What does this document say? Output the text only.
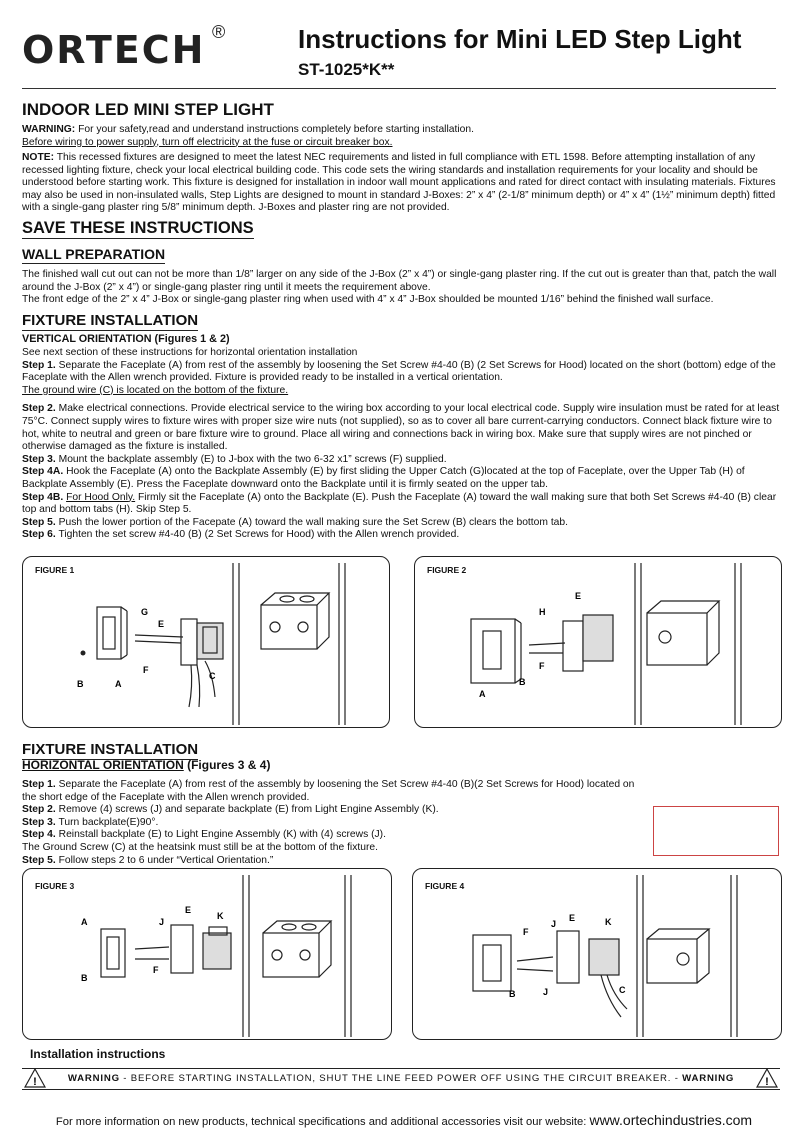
ORTECH ®	Instructions for Mini LED Step Light
ST-1025*K**
INDOOR LED MINI STEP LIGHT
WARNING: For your safety,read and understand instructions completely before starting installation.
Before wiring to power supply, turn off electricity at the fuse or circuit breaker box.
NOTE: This recessed fixtures are designed to meet the latest NEC requirements and listed in full compliance with ETL 1598. Before attempting installation of any recessed lighting fixture, check your local electrical building code. This code sets the wiring standards and installation requirements for your locality and should be understood before starting work. This fixture is designed for installation in indoor wall mount applications and rated for direct contact with insulating materials. Fixtures may also be used in non-insulated walls, Step Lights are designed to mount in standard J-Boxes: 2” x 4” (2-1/8” minimum depth) or 4” x 4” (1½” minimum depth) fitted with a single-gang plaster ring 5/8” minimum depth. J-Boxes and plaster ring are not provided.
SAVE THESE INSTRUCTIONS
WALL PREPARATION
The finished wall cut out can not be more than 1/8” larger on any side of the J-Box (2” x 4”) or single-gang plaster ring. If the cut out is greater than that, patch the wall around the J-Box (2” x 4”) or single-gang plaster ring until it meets the requirement above.
The front edge of the 2” x 4” J-Box or single-gang plaster ring when used with 4” x 4” J-Box shoulded be mounted 1/16” behind the finished wall surface.
FIXTURE INSTALLATION
VERTICAL ORIENTATION (Figures 1 & 2)
See next section of these instructions for horizontal orientation installation
Step 1. Separate the Faceplate (A) from rest of the assembly by loosening the Set Screw #4-40 (B) (2 Set Screws for Hood) located on the short (bottom) edge of the Faceplate with the Allen wrench provided. Fixture is provided ready to be installed in a vertical orientation.
The ground wire (C) is located on the bottom of the fixture.
Step 2. Make electrical connections. Provide electrical service to the wiring box according to your local electrical code. Supply wire insulation must be rated for at least 75°C. Connect supply wires to fixture wires with proper size wire nuts (not supplied), so as to cover all bare current-carrying conductors. Connect black fixture wire to hot, white to neutral and green or bare fixture wire to ground. Place all wiring and connections back in wiring box. Make sure that supply wires are not pinched or otherwise damaged as the fixture is installed.
Step 3. Mount the backplate assembly (E) to J-box with the two 6-32 x1” screws (F) supplied.
Step 4A. Hook the Faceplate (A) onto the Backplate Assembly (E) by first sliding the Upper Catch (G)located at the top of Faceplate, over the Upper Tab (H) of Backplate Assembly (E). Press the Faceplate downward onto the Backplate until it is firmly seated on the upper tab.
Step 4B. For Hood Only. Firmly sit the Faceplate (A) onto the Backplate (E). Push the Faceplate (A) toward the wall making sure that both Set Screws #4-40 (B) clear top and bottom tabs (H). Skip Step 5.
Step 5. Push the lower portion of the Facepate (A) toward the wall making sure the Set Screw (B) clears the bottom tab.
Step 6. Tighten the set screw #4-40 (B) (2 Set Screws for Hood) with the Allen wrench provided.
FIGURE 1
G
E
F
C
B	A
FIGURE 2
E
H
F
B
A
FIXTURE INSTALLATION
HORIZONTAL ORIENTATION (Figures 3 & 4)
Step 1. Separate the Faceplate (A) from rest of the assembly by loosening the Set Screw #4-40 (B)(2 Set Screws for Hood) located on the short edge of the Faceplate with the Allen wrench provided.
Step 2. Remove (4) screws (J) and separate backplate (E) from Light Engine Assembly (K).
Step 3. Turn backplate(E)90°.
Step 4. Reinstall backplate (E) to Light Engine Assembly (K) with (4) screws (J).
The Ground Screw (C) at the heatsink must still be at the bottom of the fixture.
Step 5. Follow steps 2 to 6 under “Vertical Orientation.”
FIGURE 3
A	J
E
K
F
B
FIGURE 4
F
J
E	K
J
B	C
Installation instructions
WARNING - BEFORE STARTING INSTALLATION, SHUT THE LINE FEED POWER OFF USING THE CIRCUIT BREAKER. - WARNING
!	!
For more information on new products, technical specifications and additional accessories visit our website: www.ortechindustries.com
